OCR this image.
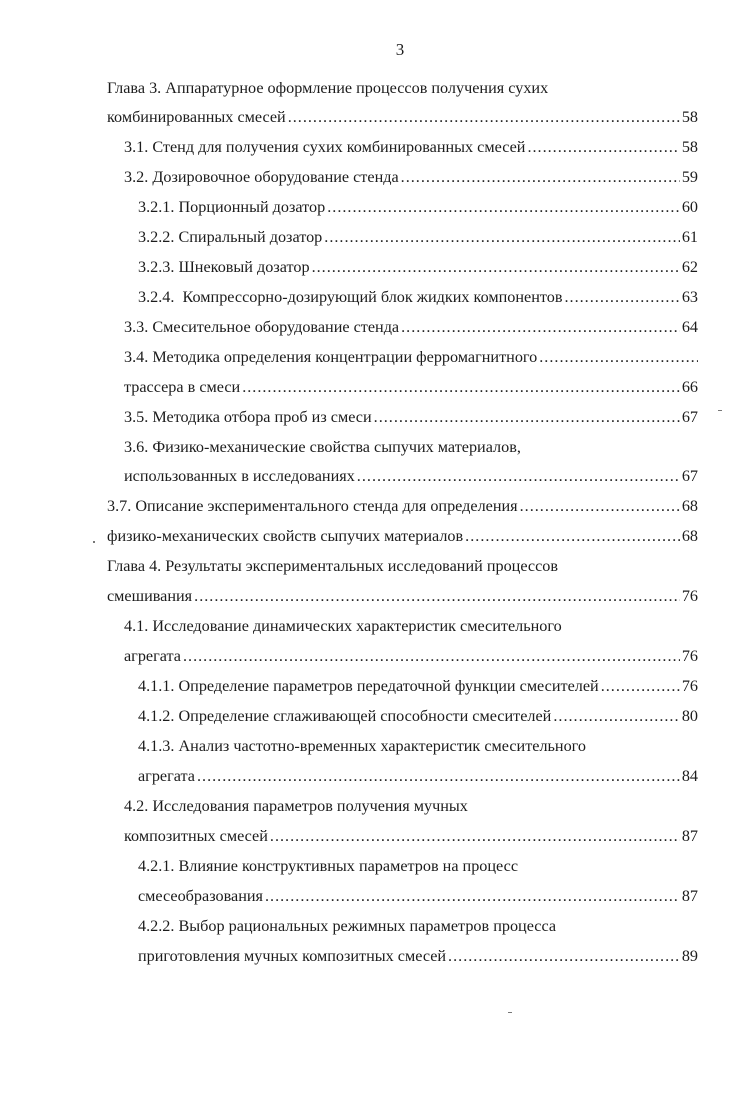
3
Глава 3. Аппаратурное оформление процессов получения сухих
комбинированных смесей .....	58
3.1. Стенд для получения сухих комбинированных смесей .....	58
3.2. Дозировочное оборудование стенда .....	59
3.2.1. Порционный дозатор .....	60
3.2.2. Спиральный дозатор .....	61
3.2.3. Шнековый дозатор .....	62
3.2.4.  Компрессорно-дозирующий блок жидких компонентов .....	63
3.3. Смесительное оборудование стенда .....	64
3.4. Методика определения концентрации ферромагнитного
.....
трассера в смеси .....	66
3.5. Методика отбора проб из смеси .....	67
3.6. Физико-механические свойства сыпучих материалов,
использованных в исследованиях .....	67
3.7. Описание экспериментального стенда для определения .....	68
физико-механических свойств сыпучих материалов .....	68
Глава 4. Результаты экспериментальных исследований процессов
смешивания .....	76
4.1. Исследование динамических характеристик смесительного
агрегата .....	76
4.1.1. Определение параметров передаточной функции смесителей .....	76
4.1.2. Определение сглаживающей способности смесителей .....	80
4.1.3. Анализ частотно-временных характеристик смесительного
агрегата .....	84
4.2. Исследования параметров получения мучных
композитных смесей .....	87
4.2.1. Влияние конструктивных параметров на процесс
смесеобразования .....	87
4.2.2. Выбор рациональных режимных параметров процесса
приготовления мучных композитных смесей .....	89
